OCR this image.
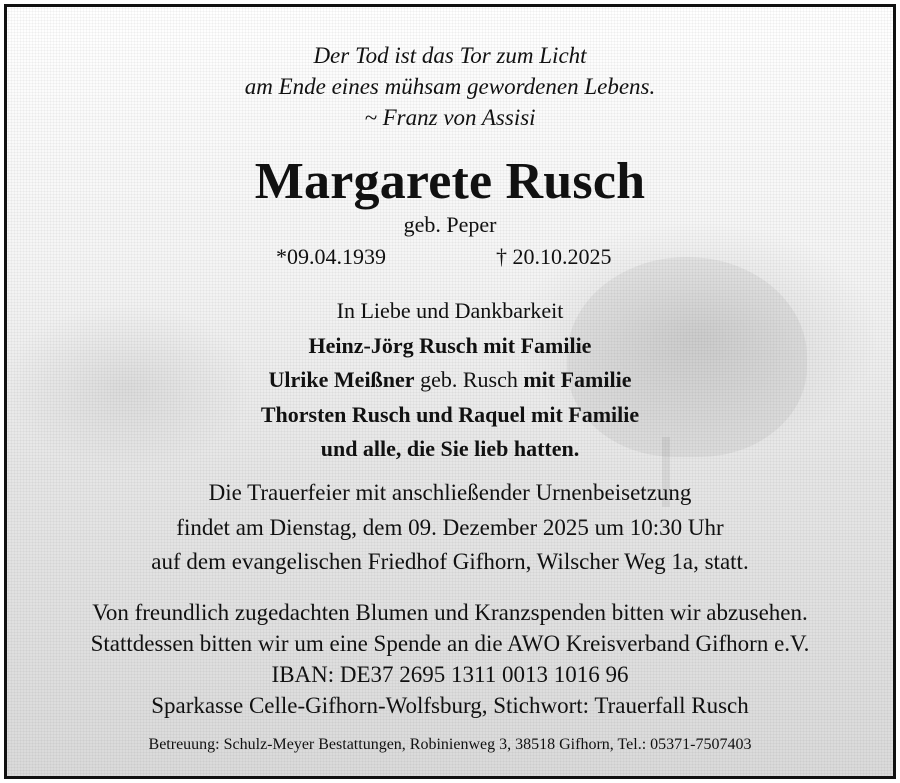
Der Tod ist das Tor zum Licht
am Ende eines mühsam gewordenen Lebens.
~ Franz von Assisi
Margarete Rusch
geb. Peper
*09.04.1939	† 20.10.2025
In Liebe und Dankbarkeit
Heinz-Jörg Rusch mit Familie
Ulrike Meißner geb. Rusch mit Familie
Thorsten Rusch und Raquel mit Familie
und alle, die Sie lieb hatten.
Die Trauerfeier mit anschließender Urnenbeisetzung
findet am Dienstag, dem 09. Dezember 2025 um 10:30 Uhr
auf dem evangelischen Friedhof Gifhorn, Wilscher Weg 1a, statt.
Von freundlich zugedachten Blumen und Kranzspenden bitten wir abzusehen.
Stattdessen bitten wir um eine Spende an die AWO Kreisverband Gifhorn e.V.
IBAN: DE37 2695 1311 0013 1016 96
Sparkasse Celle-Gifhorn-Wolfsburg, Stichwort: Trauerfall Rusch
Betreuung: Schulz-Meyer Bestattungen, Robinienweg 3, 38518 Gifhorn, Tel.: 05371-7507403
